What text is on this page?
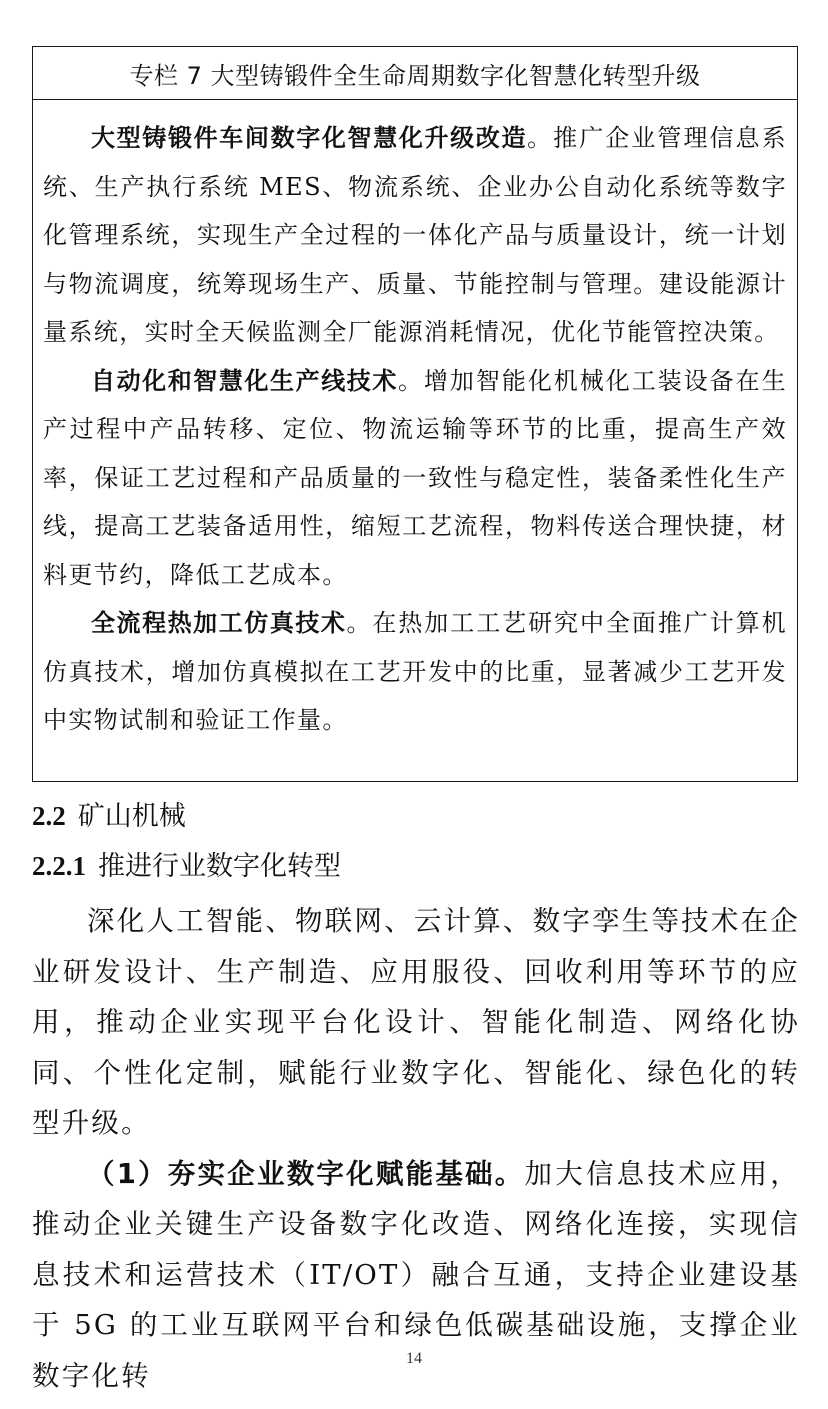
专栏 7 大型铸锻件全生命周期数字化智慧化转型升级

大型铸锻件车间数字化智慧化升级改造。推广企业管理信息系统、生产执行系统 MES、物流系统、企业办公自动化系统等数字化管理系统，实现生产全过程的一体化产品与质量设计，统一计划与物流调度，统筹现场生产、质量、节能控制与管理。建设能源计量系统，实时全天候监测全厂能源消耗情况，优化节能管控决策。

自动化和智慧化生产线技术。增加智能化机械化工装设备在生产过程中产品转移、定位、物流运输等环节的比重，提高生产效率，保证工艺过程和产品质量的一致性与稳定性，装备柔性化生产线，提高工艺装备适用性，缩短工艺流程，物料传送合理快捷，材料更节约，降低工艺成本。

全流程热加工仿真技术。在热加工工艺研究中全面推广计算机仿真技术，增加仿真模拟在工艺开发中的比重，显著减少工艺开发中实物试制和验证工作量。

2.2 矿山机械
2.2.1 推进行业数字化转型

深化人工智能、物联网、云计算、数字孪生等技术在企业研发设计、生产制造、应用服役、回收利用等环节的应用，推动企业实现平台化设计、智能化制造、网络化协同、个性化定制，赋能行业数字化、智能化、绿色化的转型升级。

（1）夯实企业数字化赋能基础。加大信息技术应用，推动企业关键生产设备数字化改造、网络化连接，实现信息技术和运营技术（IT/OT）融合互通，支持企业建设基于 5G 的工业互联网平台和绿色低碳基础设施，支撑企业数字化转

14
